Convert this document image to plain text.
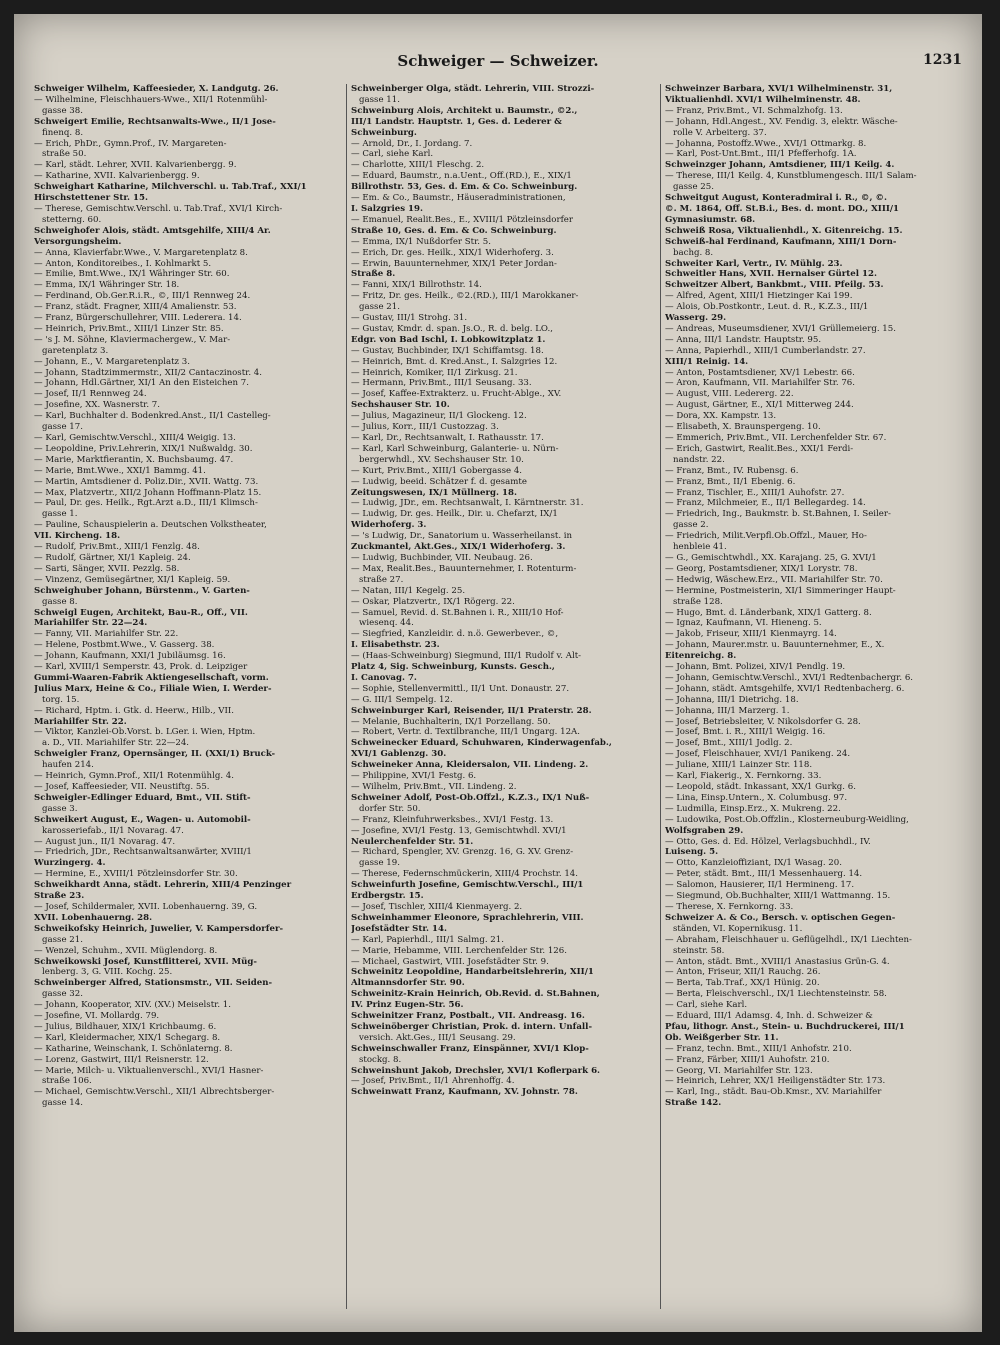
Schweiger — Schweizer.	1231
Schweiger Wilhelm, Kaffeesieder, X. Landgutg. 26.
— Wilhelmine, Fleischhauers-Wwe., XII/1 Rotenmühl-
gasse 38.
Schweigert Emilie, Rechtsanwalts-Wwe., II/1 Jose-
finenq. 8.
— Erich, PhDr., Gymn.Prof., IV. Margareten-
straße 50.
— Karl, städt. Lehrer, XVII. Kalvarienbergg. 9.
— Katharine, XVII. Kalvarienbergg. 9.
Schweighart Katharine, Milchverschl. u. Tab.Traf., XXI/1
Hirschstettener Str. 15.
— Therese, Gemischtw.Verschl. u. Tab.Traf., XVI/1 Kirch-
stetterng. 60.
Schweighofer Alois, städt. Amtsgehilfe, XIII/4 Ar.
Versorgungsheim.
— Anna, Klavierfabr.Wwe., V. Margaretenplatz 8.
— Anton, Konditoreibes., I. Kohlmarkt 5.
— Emilie, Bmt.Wwe., IX/1 Währinger Str. 60.
— Emma, IX/1 Währinger Str. 18.
— Ferdinand, Ob.Ger.R.i.R., ©, III/1 Rennweg 24.
— Franz, städt. Fragner, XIII/4 Amalienstr. 53.
— Franz, Bürgerschullehrer, VIII. Lederera. 14.
— Heinrich, Priv.Bmt., XIII/1 Linzer Str. 85.
— 's J. M. Söhne, Klaviermachergew., V. Mar-
garetenplatz 3.
— Johann, E., V. Margaretenplatz 3.
— Johann, Stadtzimmermstr., XII/2 Cantaczinostr. 4.
— Johann, Hdl.Gärtner, XI/1 An den Eisteichen 7.
— Josef, II/1 Rennweg 24.
— Josefine, XX. Wasnerstr. 7.
— Karl, Buchhalter d. Bodenkred.Anst., II/1 Castelleg-
gasse 17.
— Karl, Gemischtw.Verschl., XIII/4 Weigig. 13.
— Leopoldine, Priv.Lehrerin, XIX/1 Nußwaldg. 30.
— Marie, Marktfierantin, X. Buchsbaumg. 47.
— Marie, Bmt.Wwe., XXI/1 Bammg. 41.
— Martin, Amtsdiener d. Poliz.Dir., XVII. Wattg. 73.
— Max, Platzvertr., XII/2 Johann Hoffmann-Platz 15.
— Paul, Dr. ges. Heilk., Rgt.Arzt a.D., III/1 Klimsch-
gasse 1.
— Pauline, Schauspielerin a. Deutschen Volkstheater,
VII. Kircheng. 18.
— Rudolf, Priv.Bmt., XIII/1 Fenzlg. 48.
— Rudolf, Gärtner, XI/1 Kapleig. 24.
— Sarti, Sänger, XVII. Pezzlg. 58.
— Vinzenz, Gemüsegärtner, XI/1 Kapleig. 59.
Schweighuber Johann, Bürstenm., V. Garten-
gasse 8.
Schweigl Eugen, Architekt, Bau-R., Off., VII.
Mariahilfer Str. 22—24.
— Fanny, VII. Mariahilfer Str. 22.
— Helene, Postbmt.Wwe., V. Gasserg. 38.
— Johann, Kaufmann, XXI/1 Jubiläumsg. 16.
— Karl, XVIII/1 Semperstr. 43, Prok. d. Leipziger
Gummi-Waaren-Fabrik Aktiengesellschaft, vorm.
Julius Marx, Heine & Co., Filiale Wien, I. Werder-
torg. 15.
— Richard, Hptm. i. Gtk. d. Heerw., Hilb., VII.
Mariahilfer Str. 22.
— Viktor, Kanzlei-Ob.Vorst. b. LGer. i. Wien, Hptm.
a. D., VII. Mariahilfer Str. 22—24.
Schweigler Franz, Opernsänger, II. (XXI/1) Bruck-
haufen 214.
— Heinrich, Gymn.Prof., XII/1 Rotenmühlg. 4.
— Josef, Kaffeesieder, VII. Neustiftg. 55.
Schweigler-Edlinger Eduard, Bmt., VII. Stift-
gasse 3.
Schweikert August, E., Wagen- u. Automobil-
karosseriefab., II/1 Novarag. 47.
— August jun., II/1 Novarag. 47.
— Friedrich, JDr., Rechtsanwaltsanwärter, XVIII/1
Wurzingerg. 4.
— Hermine, E., XVIII/1 Pötzleinsdorfer Str. 30.
Schweikhardt Anna, städt. Lehrerin, XIII/4 Penzinger
Straße 23.
— Josef, Schildermaler, XVII. Lobenhauerng. 39, G.
XVII. Lobenhauerng. 28.
Schweikofsky Heinrich, Juwelier, V. Kampersdorfer-
gasse 21.
— Wenzel, Schuhm., XVII. Müglendorg. 8.
Schweikowski Josef, Kunstflitterei, XVII. Müg-
lenberg. 3, G. VIII. Kochg. 25.
Schweinberger Alfred, Stationsmstr., VII. Seiden-
gasse 32.
— Johann, Kooperator, XIV. (XV.) Meiselstr. 1.
— Josefine, VI. Mollardg. 79.
— Julius, Bildhauer, XIX/1 Krichbaumg. 6.
— Karl, Kleidermacher, XIX/1 Schegarg. 8.
— Katharine, Weinschank, I. Schönlaterng. 8.
— Lorenz, Gastwirt, III/1 Reisnerstr. 12.
— Marie, Milch- u. Viktualienverschl., XVI/1 Hasner-
straße 106.
— Michael, Gemischtw.Verschl., XII/1 Albrechtsberger-
gasse 14.
Schweinberger Olga, städt. Lehrerin, VIII. Strozzi-
gasse 11.
Schweinburg Alois, Architekt u. Baumstr., ©2.,
III/1 Landstr. Hauptstr. 1, Ges. d. Lederer &
Schweinburg.
— Arnold, Dr., I. Jordang. 7.
— Carl, siehe Karl.
— Charlotte, XIII/1 Fleschg. 2.
— Eduard, Baumstr., n.a.Uent., Off.(RD.), E., XIX/1
Billrothstr. 53, Ges. d. Em. & Co. Schweinburg.
— Em. & Co., Baumstr., Häuseradministrationen,
I. Salzgries 19.
— Emanuel, Realit.Bes., E., XVIII/1 Pötzleinsdorfer
Straße 10, Ges. d. Em. & Co. Schweinburg.
— Emma, IX/1 Nußdorfer Str. 5.
— Erich, Dr. ges. Heilk., XIX/1 Widerhoferg. 3.
— Erwin, Bauunternehmer, XIX/1 Peter Jordan-
Straße 8.
— Fanni, XIX/1 Billrothstr. 14.
— Fritz, Dr. ges. Heilk., ©2.(RD.), III/1 Marokkaner-
gasse 21.
— Gustav, III/1 Strohg. 31.
— Gustav, Kmdr. d. span. Js.O., R. d. belg. LO.,
Edgr. von Bad Ischl, I. Lobkowitzplatz 1.
— Gustav, Buchbinder, IX/1 Schiffamtsg. 18.
— Heinrich, Bmt. d. Kred.Anst., I. Salzgries 12.
— Heinrich, Komiker, II/1 Zirkusg. 21.
— Hermann, Priv.Bmt., III/1 Seusang. 33.
— Josef, Kaffee-Extrakterz. u. Frucht-Ablge., XV.
Sechshauser Str. 10.
— Julius, Magazineur, II/1 Glockeng. 12.
— Julius, Korr., III/1 Custozzag. 3.
— Karl, Dr., Rechtsanwalt, I. Rathausstr. 17.
— Karl, Karl Schweinburg, Galanterie- u. Nürn-
bergerwhdl., XV. Sechshauser Str. 10.
— Kurt, Priv.Bmt., XIII/1 Gobergasse 4.
— Ludwig, beeid. Schätzer f. d. gesamte
Zeitungswesen, IX/1 Müllnerg. 18.
— Ludwig, JDr., em. Rechtsanwalt, I. Kärntnerstr. 31.
— Ludwig, Dr. ges. Heilk., Dir. u. Chefarzt, IX/1
Widerhoferg. 3.
— 's Ludwig, Dr., Sanatorium u. Wasserheilanst. in
Zuckmantel, Akt.Ges., XIX/1 Widerhoferg. 3.
— Ludwig, Buchbinder, VII. Neubaug. 26.
— Max, Realit.Bes., Bauunternehmer, I. Rotenturm-
straße 27.
— Natan, III/1 Kegelg. 25.
— Oskar, Platzvertr., IX/1 Rögerg. 22.
— Samuel, Revid. d. St.Bahnen i. R., XIII/10 Hof-
wiesenq. 44.
— Siegfried, Kanzleidir. d. n.ö. Gewerbever., ©,
I. Elisabethstr. 23.
— (Haas-Schweinburg) Siegmund, III/1 Rudolf v. Alt-
Platz 4, Sig. Schweinburg, Kunsts. Gesch.,
I. Canovag. 7.
— Sophie, Stellenvermittl., II/1 Unt. Donaustr. 27.
— G. III/1 Sempelg. 12.
Schweinburger Karl, Reisender, II/1 Praterstr. 28.
— Melanie, Buchhalterin, IX/1 Porzellang. 50.
— Robert, Vertr. d. Textilbranche, III/1 Ungarg. 12A.
Schweinecker Eduard, Schuhwaren, Kinderwagenfab.,
XVI/1 Gablenzg. 30.
Schweineker Anna, Kleidersalon, VII. Lindeng. 2.
— Philippine, XVI/1 Festg. 6.
— Wilhelm, Priv.Bmt., VII. Lindeng. 2.
Schweiner Adolf, Post-Ob.Offzl., K.Z.3., IX/1 Nuß-
dorfer Str. 50.
— Franz, Kleinfuhrwerksbes., XVI/1 Festg. 13.
— Josefine, XVI/1 Festg. 13, Gemischtwhdl. XVI/1
Neulerchenfelder Str. 51.
— Richard, Spengler, XV. Grenzg. 16, G. XV. Grenz-
gasse 19.
— Therese, Federnschmückerin, XIII/4 Prochstr. 14.
Schweinfurth Josefine, Gemischtw.Verschl., III/1
Erdbergstr. 15.
— Josef, Tischler, XIII/4 Kienmayerg. 2.
Schweinhammer Eleonore, Sprachlehrerin, VIII.
Josefstädter Str. 14.
— Karl, Papierhdl., III/1 Salmg. 21.
— Marie, Hebamme, VIII. Lerchenfelder Str. 126.
— Michael, Gastwirt, VIII. Josefstädter Str. 9.
Schweinitz Leopoldine, Handarbeitslehrerin, XII/1
Altmannsdorfer Str. 90.
Schweinitz-Krain Heinrich, Ob.Revid. d. St.Bahnen,
IV. Prinz Eugen-Str. 56.
Schweinitzer Franz, Postbalt., VII. Andreasg. 16.
Schweinöberger Christian, Prok. d. intern. Unfall-
versich. Akt.Ges., III/1 Seusang. 29.
Schweinschwaller Franz, Einspänner, XVI/1 Klop-
stockg. 8.
Schweinshunt Jakob, Drechsler, XVI/1 Koflerpark 6.
— Josef, Priv.Bmt., II/1 Ahrenhoffg. 4.
Schweinwatt Franz, Kaufmann, XV. Johnstr. 78.
Schweinzer Barbara, XVI/1 Wilhelminenstr. 31,
Viktualienhdl. XVI/1 Wilhelminenstr. 48.
— Franz, Priv.Bmt., VI. Schmalzhofg. 13.
— Johann, Hdl.Angest., XV. Fendig. 3, elektr. Wäsche-
rolle V. Arbeiterg. 37.
— Johanna, Postoffz.Wwe., XVI/1 Ottmarkg. 8.
— Karl, Post-Unt.Bmt., III/1 Pfefferhofg. 1A.
Schweinzger Johann, Amtsdiener, III/1 Keilg. 4.
— Therese, III/1 Keilg. 4, Kunstblumengesch. III/1 Salam-
gasse 25.
Schweitgut August, Konteradmiral i. R., ©, ©.
©. M. 1864, Off. St.B.i., Bes. d. mont. DO., XIII/1
Gymnasiumstr. 68.
Schweiß Rosa, Viktualienhdl., X. Gitenreichg. 15.
Schweiß-hal Ferdinand, Kaufmann, XIII/1 Dorn-
bachg. 8.
Schweiter Karl, Vertr., IV. Mühlg. 23.
Schweitler Hans, XVII. Hernalser Gürtel 12.
Schweitzer Albert, Bankbmt., VIII. Pfeilg. 53.
— Alfred, Agent, XIII/1 Hietzinger Kai 199.
— Alois, Ob.Postkontr., Leut. d. R., K.Z.3., III/1
Wasserg. 29.
— Andreas, Museumsdiener, XVI/1 Grüllemeierg. 15.
— Anna, III/1 Landstr. Hauptstr. 95.
— Anna, Papierhdl., XIII/1 Cumberlandstr. 27.
XIII/1 Reinig. 14.
— Anton, Postamtsdiener, XV/1 Lebestr. 66.
— Aron, Kaufmann, VII. Mariahilfer Str. 76.
— August, VIII. Ledererg. 22.
— August, Gärtner, E., XI/1 Mitterweg 244.
— Dora, XX. Kampstr. 13.
— Elisabeth, X. Braunspergeng. 10.
— Emmerich, Priv.Bmt., VII. Lerchenfelder Str. 67.
— Erich, Gastwirt, Realit.Bes., XXI/1 Ferdi-
nandstr. 22.
— Franz, Bmt., IV. Rubensg. 6.
— Franz, Bmt., II/1 Ebenig. 6.
— Franz, Tischler, E., XIII/1 Auhofstr. 27.
— Franz, Milchmeier, E., II/1 Bellegardeg. 14.
— Friedrich, Ing., Baukmstr. b. St.Bahnen, I. Seiler-
gasse 2.
— Friedrich, Milit.Verpfl.Ob.Offzl., Mauer, Ho-
henbleie 41.
— G., Gemischtwhdl., XX. Karajang. 25, G. XVI/1
— Georg, Postamtsdiener, XIX/1 Lorystr. 78.
— Hedwig, Wäschew.Erz., VII. Mariahilfer Str. 70.
— Hermine, Postmeisterin, XI/1 Simmeringer Haupt-
straße 128.
— Hugo, Bmt. d. Länderbank, XIX/1 Gatterg. 8.
— Ignaz, Kaufmann, VI. Hieneng. 5.
— Jakob, Friseur, XIII/1 Kienmayrg. 14.
— Johann, Maurer.mstr. u. Bauunternehmer, E., X.
Eitenreichg. 8.
— Johann, Bmt. Polizei, XIV/1 Pendlg. 19.
— Johann, Gemischtw.Verschl., XVI/1 Redtenbachergr. 6.
— Johann, städt. Amtsgehilfe, XVI/1 Redtenbacherg. 6.
— Johanna, III/1 Dietrichg. 18.
— Johanna, III/1 Marzerg. 1.
— Josef, Betriebsleiter, V. Nikolsdorfer G. 28.
— Josef, Bmt. i. R., XIII/1 Weigig. 16.
— Josef, Bmt., XIII/1 Jodlg. 2.
— Josef, Fleischhauer, XVI/1 Panikeng. 24.
— Juliane, XIII/1 Lainzer Str. 118.
— Karl, Fiakerig., X. Fernkorng. 33.
— Leopold, städt. Inkassant, XX/1 Gurkg. 6.
— Lina, Einsp.Untern., X. Columbusg. 97.
— Ludmilla, Einsp.Erz., X. Mukreng. 22.
— Ludowika, Post.Ob.Offzlin., Klosterneuburg-Weidling,
Wolfsgraben 29.
— Otto, Ges. d. Ed. Hölzel, Verlagsbuchhdl., IV.
Luiseng. 5.
— Otto, Kanzleioffiziant, IX/1 Wasag. 20.
— Peter, städt. Bmt., III/1 Messenhauerg. 14.
— Salomon, Hausierer, II/1 Hermineng. 17.
— Siegmund, Ob.Buchhalter, XIII/1 Wattmanng. 15.
— Therese, X. Fernkorng. 33.
Schweizer A. & Co., Bersch. v. optischen Gegen-
ständen, VI. Kopernikusg. 11.
— Abraham, Fleischhauer u. Geflügelhdl., IX/1 Liechten-
steinstr. 58.
— Anton, städt. Bmt., XVIII/1 Anastasius Grün-G. 4.
— Anton, Friseur, XII/1 Rauchg. 26.
— Berta, Tab.Traf., XX/1 Hünig. 20.
— Berta, Fleischverschl., IX/1 Liechtensteinstr. 58.
— Carl, siehe Karl.
— Eduard, III/1 Adamsg. 4, Inh. d. Schweizer &
Pfau, lithogr. Anst., Stein- u. Buchdruckerei, III/1
Ob. Weißgerber Str. 11.
— Franz, techn. Bmt., XIII/1 Anhofstr. 210.
— Franz, Färber, XIII/1 Auhofstr. 210.
— Georg, VI. Mariahilfer Str. 123.
— Heinrich, Lehrer, XX/1 Heiligenstädter Str. 173.
— Karl, Ing., städt. Bau-Ob.Kmsr., XV. Mariahilfer
Straße 142.
